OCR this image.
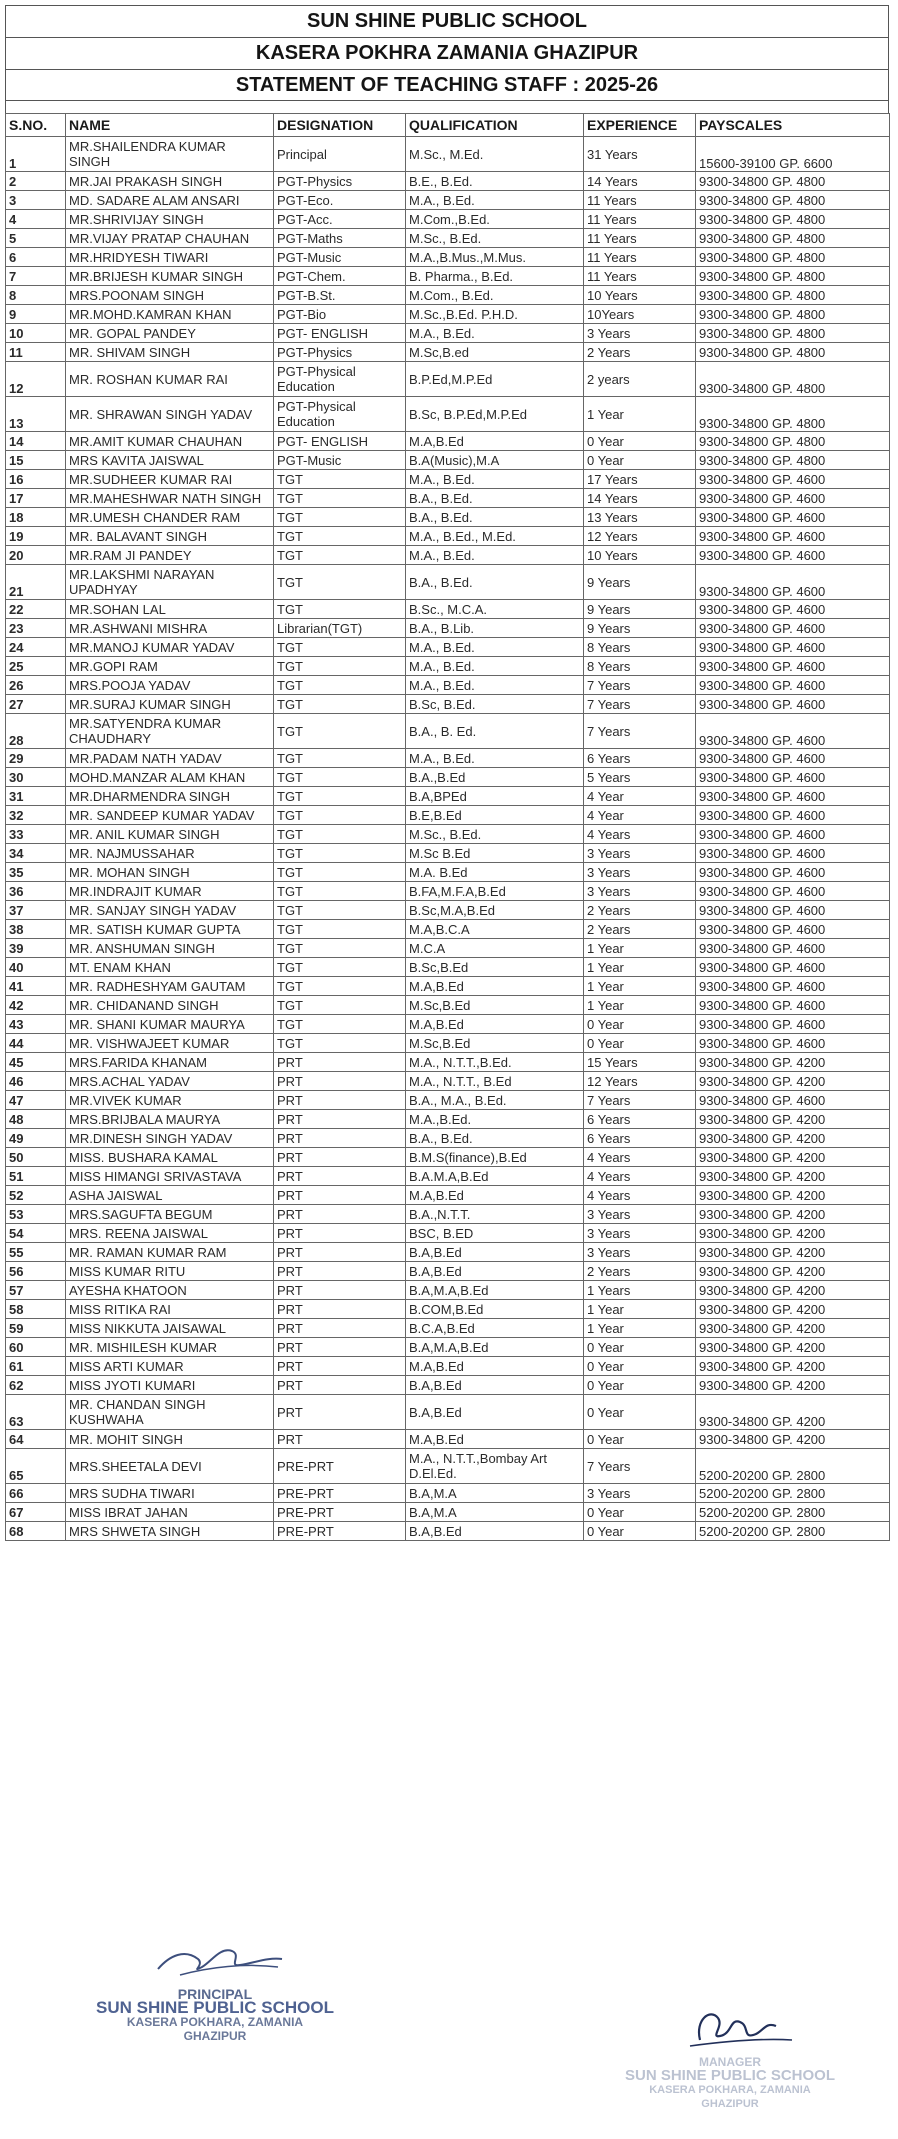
SUN SHINE PUBLIC SCHOOL
KASERA POKHRA ZAMANIA GHAZIPUR
STATEMENT OF TEACHING STAFF : 2025-26
S.NO.	NAME	DESIGNATION	QUALIFICATION	EXPERIENCE	PAYSCALES
1	MR.SHAILENDRA KUMAR SINGH	Principal	M.Sc., M.Ed.	31 Years	15600-39100 GP. 6600
2	MR.JAI PRAKASH SINGH	PGT-Physics	B.E., B.Ed.	14 Years	9300-34800 GP. 4800
3	MD. SADARE ALAM ANSARI	PGT-Eco.	M.A., B.Ed.	11 Years	9300-34800 GP. 4800
4	MR.SHRIVIJAY SINGH	PGT-Acc.	M.Com.,B.Ed.	11 Years	9300-34800 GP. 4800
5	MR.VIJAY PRATAP CHAUHAN	PGT-Maths	M.Sc., B.Ed.	11 Years	9300-34800 GP. 4800
6	MR.HRIDYESH TIWARI	PGT-Music	M.A.,B.Mus.,M.Mus.	11 Years	9300-34800 GP. 4800
7	MR.BRIJESH KUMAR SINGH	PGT-Chem.	B. Pharma., B.Ed.	11 Years	9300-34800 GP. 4800
8	MRS.POONAM SINGH	PGT-B.St.	M.Com., B.Ed.	10 Years	9300-34800 GP. 4800
9	MR.MOHD.KAMRAN KHAN	PGT-Bio	M.Sc.,B.Ed. P.H.D.	10Years	9300-34800 GP. 4800
10	MR. GOPAL PANDEY	PGT- ENGLISH	M.A., B.Ed.	3 Years	9300-34800 GP. 4800
11	MR. SHIVAM SINGH	PGT-Physics	M.Sc,B.ed	2 Years	9300-34800 GP. 4800
12	MR. ROSHAN KUMAR RAI	PGT-Physical Education	B.P.Ed,M.P.Ed	2 years	9300-34800 GP. 4800
13	MR. SHRAWAN SINGH YADAV	PGT-Physical Education	B.Sc, B.P.Ed,M.P.Ed	1 Year	9300-34800 GP. 4800
14	MR.AMIT KUMAR CHAUHAN	PGT- ENGLISH	M.A,B.Ed	0 Year	9300-34800 GP. 4800
15	MRS KAVITA JAISWAL	PGT-Music	B.A(Music),M.A	0 Year	9300-34800 GP. 4800
16	MR.SUDHEER KUMAR RAI	TGT	M.A., B.Ed.	17 Years	9300-34800 GP. 4600
17	MR.MAHESHWAR NATH SINGH	TGT	B.A., B.Ed.	14 Years	9300-34800 GP. 4600
18	MR.UMESH CHANDER RAM	TGT	B.A., B.Ed.	13 Years	9300-34800 GP. 4600
19	MR. BALAVANT SINGH	TGT	M.A., B.Ed., M.Ed.	12 Years	9300-34800 GP. 4600
20	MR.RAM JI PANDEY	TGT	M.A., B.Ed.	10 Years	9300-34800 GP. 4600
21	MR.LAKSHMI NARAYAN UPADHYAY	TGT	B.A., B.Ed.	9 Years	9300-34800 GP. 4600
22	MR.SOHAN LAL	TGT	B.Sc., M.C.A.	9 Years	9300-34800 GP. 4600
23	MR.ASHWANI MISHRA	Librarian(TGT)	B.A., B.Lib.	9 Years	9300-34800 GP. 4600
24	MR.MANOJ KUMAR YADAV	TGT	M.A., B.Ed.	8 Years	9300-34800 GP. 4600
25	MR.GOPI RAM	TGT	M.A., B.Ed.	8 Years	9300-34800 GP. 4600
26	MRS.POOJA YADAV	TGT	M.A., B.Ed.	7 Years	9300-34800 GP. 4600
27	MR.SURAJ KUMAR SINGH	TGT	B.Sc, B.Ed.	7 Years	9300-34800 GP. 4600
28	MR.SATYENDRA KUMAR CHAUDHARY	TGT	B.A., B. Ed.	7 Years	9300-34800 GP. 4600
29	MR.PADAM NATH YADAV	TGT	M.A., B.Ed.	6 Years	9300-34800 GP. 4600
30	MOHD.MANZAR ALAM KHAN	TGT	B.A.,B.Ed	5 Years	9300-34800 GP. 4600
31	MR.DHARMENDRA SINGH	TGT	B.A,BPEd	4 Year	9300-34800 GP. 4600
32	MR. SANDEEP KUMAR YADAV	TGT	B.E,B.Ed	4 Year	9300-34800 GP. 4600
33	MR. ANIL KUMAR SINGH	TGT	M.Sc., B.Ed.	4 Years	9300-34800 GP. 4600
34	MR. NAJMUSSAHAR	TGT	M.Sc B.Ed	3 Years	9300-34800 GP. 4600
35	MR. MOHAN SINGH	TGT	M.A. B.Ed	3 Years	9300-34800 GP. 4600
36	MR.INDRAJIT KUMAR	TGT	B.FA,M.F.A,B.Ed	3 Years	9300-34800 GP. 4600
37	MR. SANJAY SINGH YADAV	TGT	B.Sc,M.A,B.Ed	2 Years	9300-34800 GP. 4600
38	MR. SATISH KUMAR GUPTA	TGT	M.A,B.C.A	2 Years	9300-34800 GP. 4600
39	MR. ANSHUMAN SINGH	TGT	M.C.A	1 Year	9300-34800 GP. 4600
40	MT. ENAM KHAN	TGT	B.Sc,B.Ed	1 Year	9300-34800 GP. 4600
41	MR. RADHESHYAM GAUTAM	TGT	M.A,B.Ed	1 Year	9300-34800 GP. 4600
42	MR. CHIDANAND SINGH	TGT	M.Sc,B.Ed	1 Year	9300-34800 GP. 4600
43	MR. SHANI KUMAR MAURYA	TGT	M.A,B.Ed	0 Year	9300-34800 GP. 4600
44	MR. VISHWAJEET KUMAR	TGT	M.Sc,B.Ed	0 Year	9300-34800 GP. 4600
45	MRS.FARIDA KHANAM	PRT	M.A., N.T.T.,B.Ed.	15 Years	9300-34800 GP. 4200
46	MRS.ACHAL YADAV	PRT	M.A., N.T.T., B.Ed	12 Years	9300-34800 GP. 4200
47	MR.VIVEK KUMAR	PRT	B.A., M.A., B.Ed.	7 Years	9300-34800 GP. 4600
48	MRS.BRIJBALA MAURYA	PRT	M.A.,B.Ed.	6 Years	9300-34800 GP. 4200
49	MR.DINESH SINGH YADAV	PRT	B.A., B.Ed.	6 Years	9300-34800 GP. 4200
50	MISS. BUSHARA KAMAL	PRT	B.M.S(finance),B.Ed	4 Years	9300-34800 GP. 4200
51	MISS HIMANGI SRIVASTAVA	PRT	B.A.M.A,B.Ed	4 Years	9300-34800 GP. 4200
52	ASHA JAISWAL	PRT	M.A,B.Ed	4 Years	9300-34800 GP. 4200
53	MRS.SAGUFTA BEGUM	PRT	B.A.,N.T.T.	3 Years	9300-34800 GP. 4200
54	MRS. REENA JAISWAL	PRT	BSC, B.ED	3 Years	9300-34800 GP. 4200
55	MR. RAMAN KUMAR RAM	PRT	B.A,B.Ed	3 Years	9300-34800 GP. 4200
56	MISS KUMAR RITU	PRT	B.A,B.Ed	2 Years	9300-34800 GP. 4200
57	AYESHA KHATOON	PRT	B.A,M.A,B.Ed	1 Years	9300-34800 GP. 4200
58	MISS RITIKA RAI	PRT	B.COM,B.Ed	1 Year	9300-34800 GP. 4200
59	MISS NIKKUTA JAISAWAL	PRT	B.C.A,B.Ed	1 Year	9300-34800 GP. 4200
60	MR. MISHILESH KUMAR	PRT	B.A,M.A,B.Ed	0 Year	9300-34800 GP. 4200
61	MISS ARTI KUMAR	PRT	M.A,B.Ed	0 Year	9300-34800 GP. 4200
62	MISS JYOTI KUMARI	PRT	B.A,B.Ed	0 Year	9300-34800 GP. 4200
63	MR. CHANDAN SINGH KUSHWAHA	PRT	B.A,B.Ed	0 Year	9300-34800 GP. 4200
64	MR. MOHIT SINGH	PRT	M.A,B.Ed	0 Year	9300-34800 GP. 4200
65	MRS.SHEETALA DEVI	PRE-PRT	M.A., N.T.T.,Bombay Art D.El.Ed.	7 Years	5200-20200 GP. 2800
66	MRS SUDHA TIWARI	PRE-PRT	B.A,M.A	3 Years	5200-20200 GP. 2800
67	MISS IBRAT JAHAN	PRE-PRT	B.A,M.A	0 Year	5200-20200 GP. 2800
68	MRS SHWETA SINGH	PRE-PRT	B.A,B.Ed	0 Year	5200-20200 GP. 2800
PRINCIPAL
SUN SHINE PUBLIC SCHOOL
KASERA POKHARA, ZAMANIA
GHAZIPUR
MANAGER
SUN SHINE PUBLIC SCHOOL
KASERA POKHARA, ZAMANIA
GHAZIPUR
